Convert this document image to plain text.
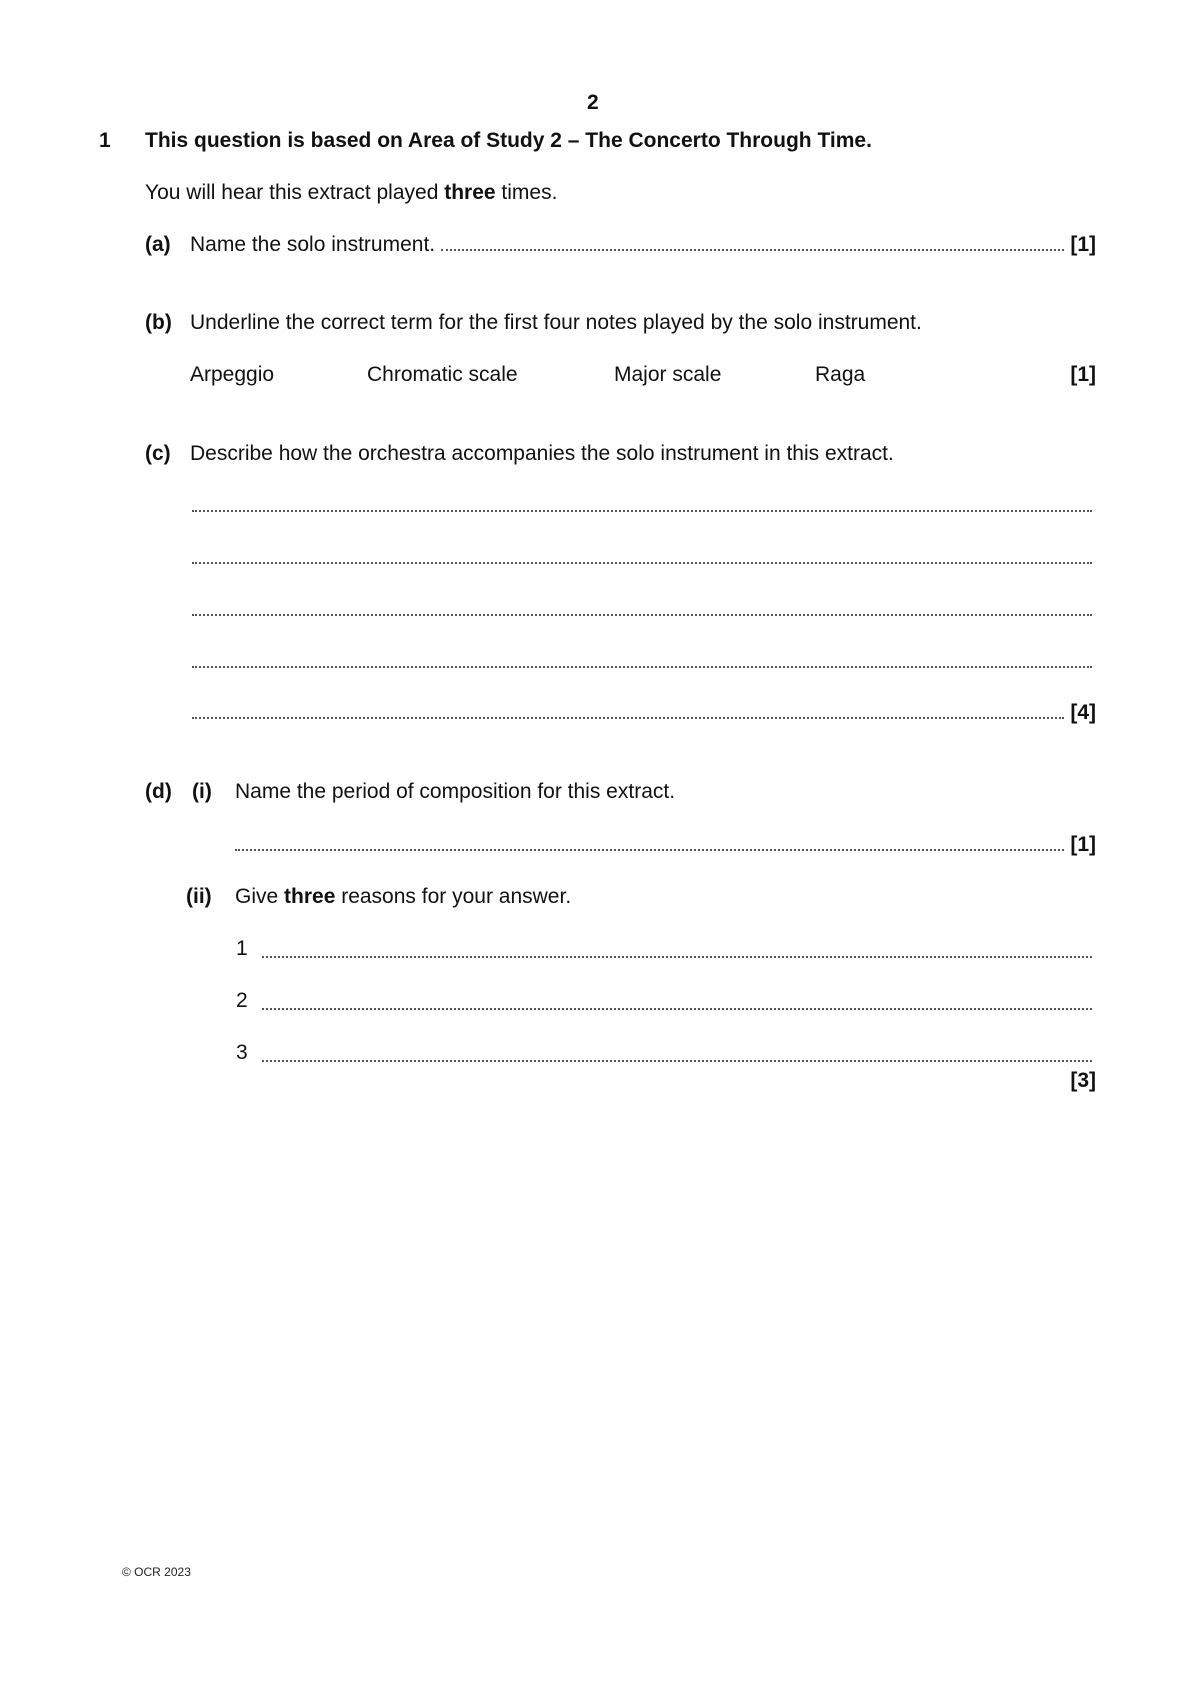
2
1 This question is based on Area of Study 2 – The Concerto Through Time.
You will hear this extract played three times.
(a) Name the solo instrument.	[1]
(b) Underline the correct term for the first four notes played by the solo instrument.
Arpeggio	Chromatic scale	Major scale	Raga	[1]
(c) Describe how the orchestra accompanies the solo instrument in this extract.
[4]
(d) (i) Name the period of composition for this extract.
[1]
(ii) Give three reasons for your answer.
1
2
3
[3]
© OCR 2023
